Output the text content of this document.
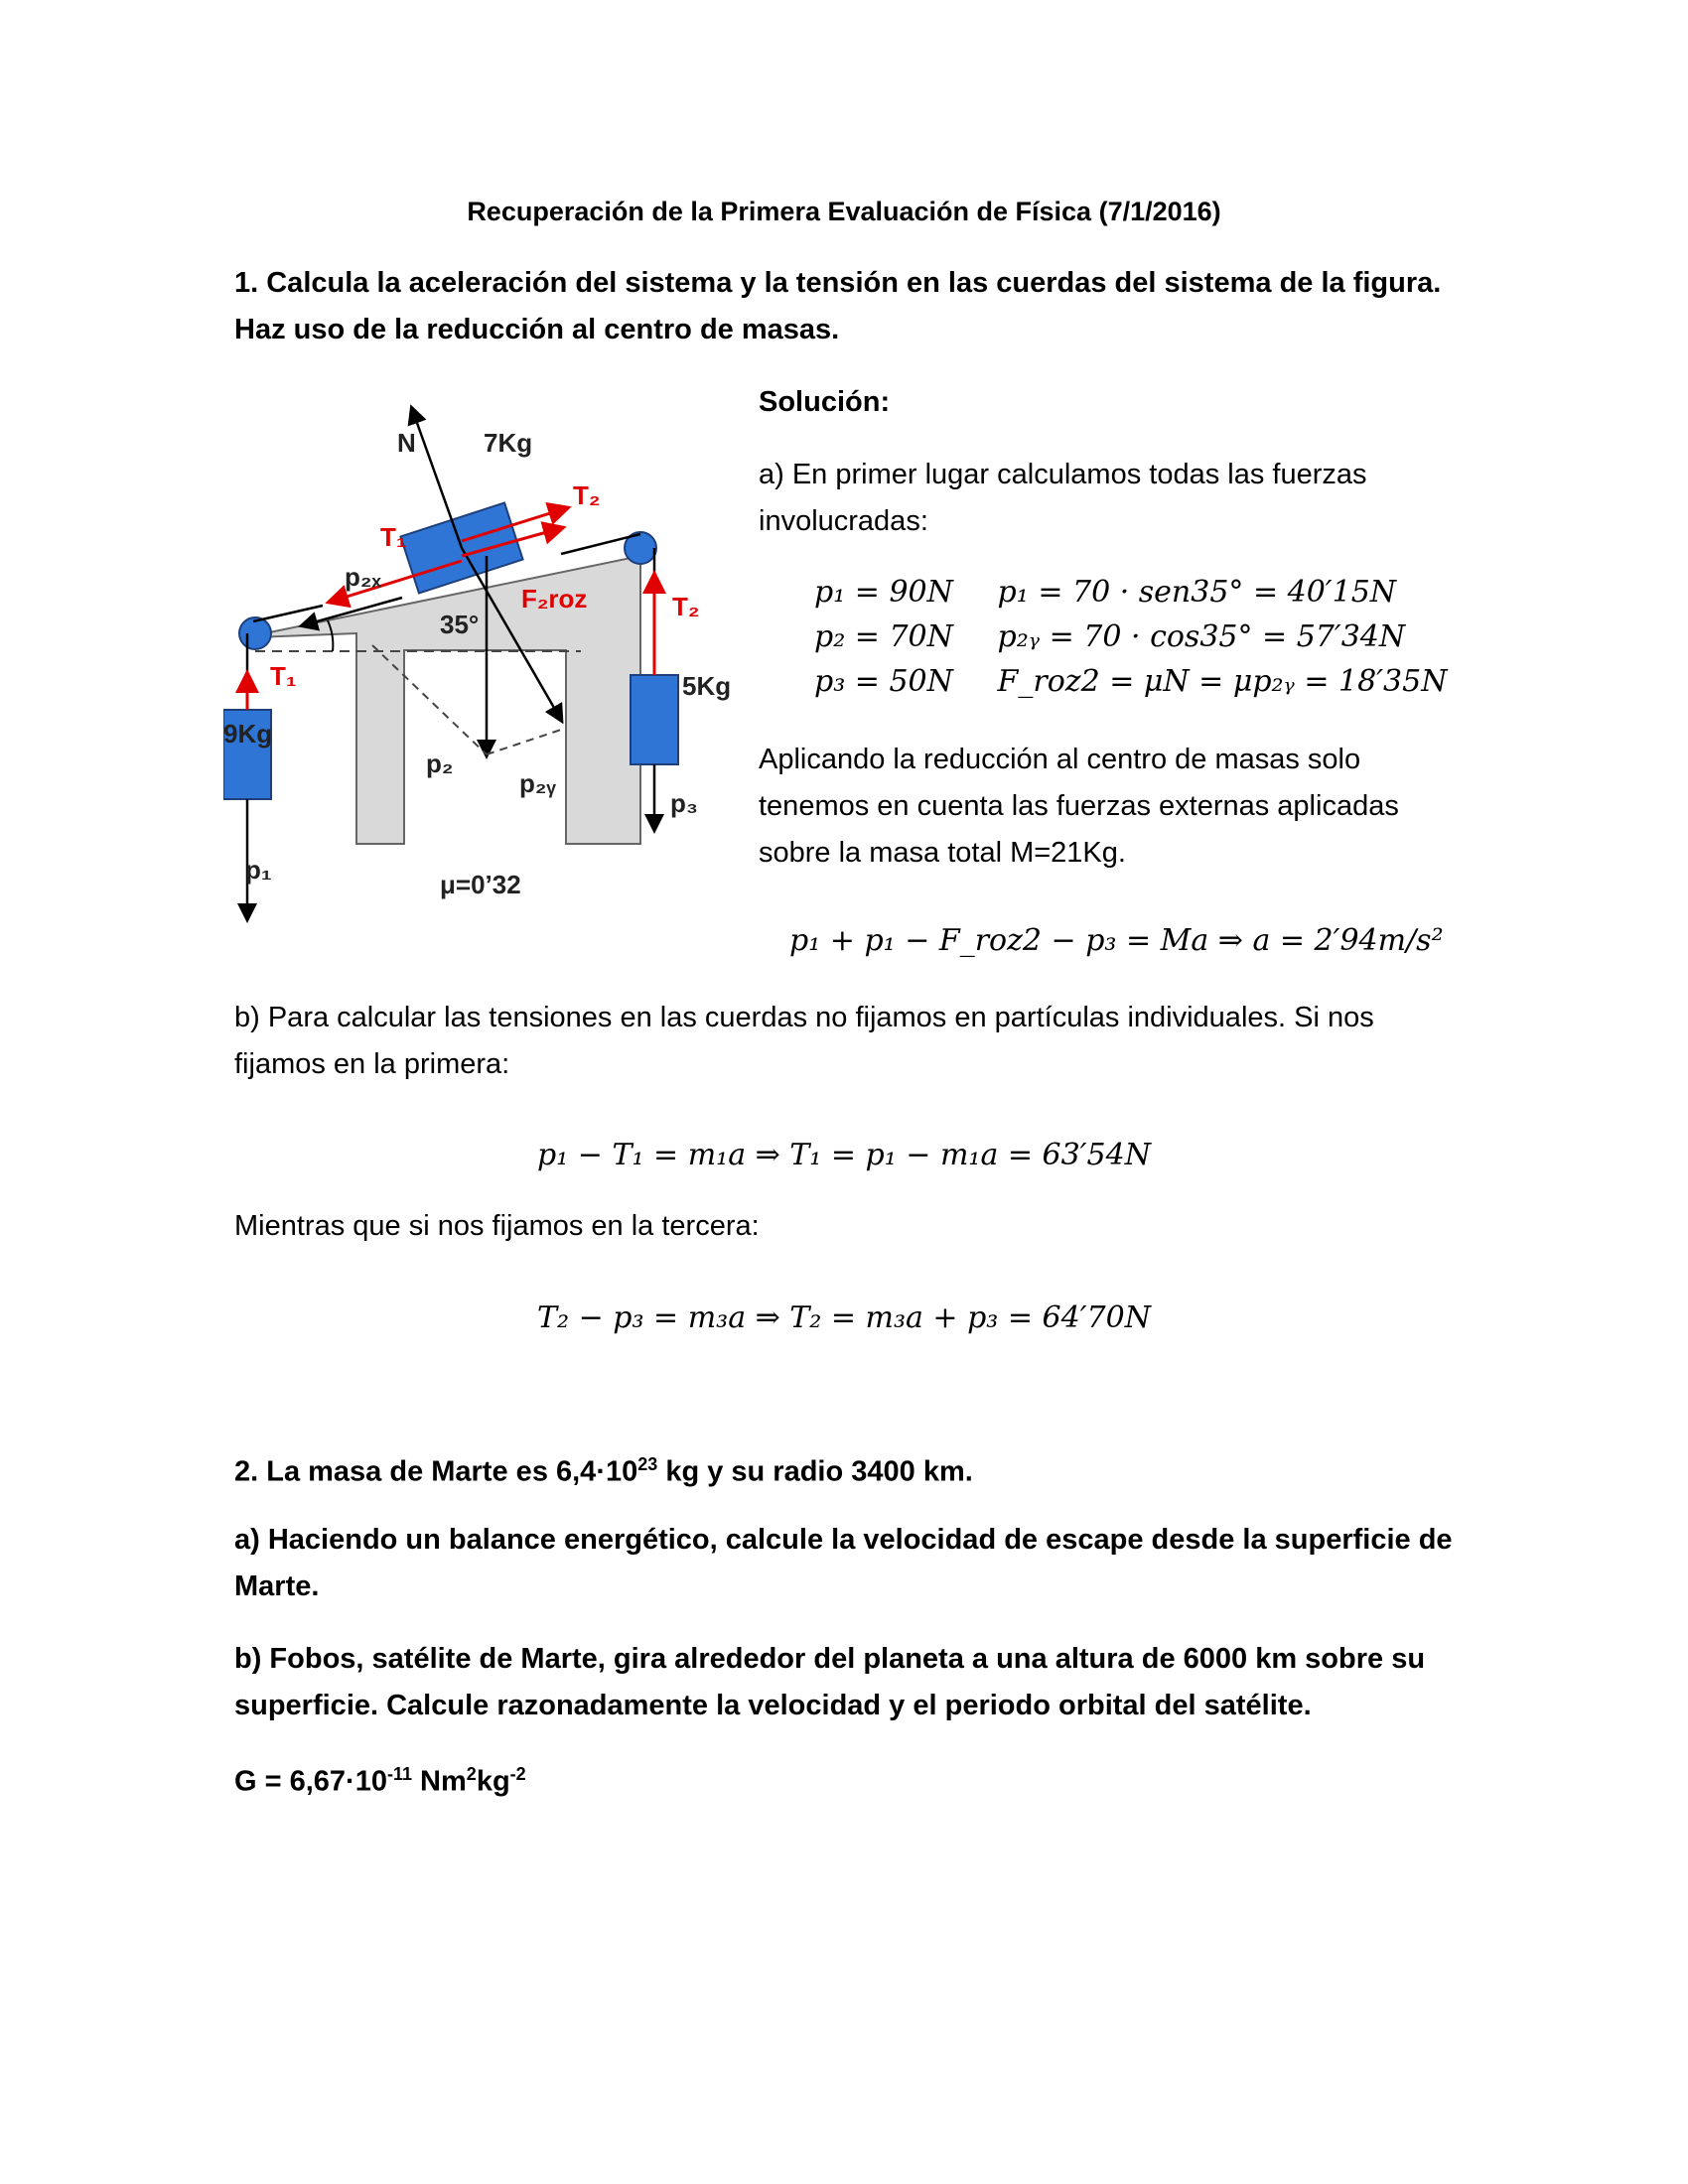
Recuperación de la Primera Evaluación de Física (7/1/2016)
1. Calcula la aceleración del sistema y la tensión en las cuerdas del sistema de la figura.
Haz uso de la reducción al centro de masas.
N	7Kg
9Kg
5Kg
p₂ₓ
35°
p₁
p₂
p₂ᵧ
p₃
μ=0’32
T₁
T₂
T₁
T₂
F₂roz
Solución:
a) En primer lugar calculamos todas las fuerzas
involucradas:
p₁ = 90N p₁ = 70 · sen35° = 40′15N
p₂ = 70N p₂ᵧ = 70 · cos35° = 57′34N
p₃ = 50N F_roz2 = μN = μp₂ᵧ = 18′35N
Aplicando la reducción al centro de masas solo
tenemos en cuenta las fuerzas externas aplicadas
sobre la masa total M=21Kg.
p₁ + p₁ − F_roz2 − p₃ = Ma ⇒ a = 2′94m/s²
b) Para calcular las tensiones en las cuerdas no fijamos en partículas individuales. Si nos
fijamos en la primera:
p₁ − T₁ = m₁a ⇒ T₁ = p₁ − m₁a = 63′54N
Mientras que si nos fijamos en la tercera:
T₂ − p₃ = m₃a ⇒ T₂ = m₃a + p₃ = 64′70N
2. La masa de Marte es $6,4\cdot 10^{23}$ kg y su radio 3400 km.
a) Haciendo un balance energético, calcule la velocidad de escape desde la superficie de
Marte.
b) Fobos, satélite de Marte, gira alrededor del planeta a una altura de 6000 km sobre su
superficie. Calcule razonadamente la velocidad y el periodo orbital del satélite.
$G = 6,67\cdot 10^{-11}$ $Nm^2kg^{-2}$
